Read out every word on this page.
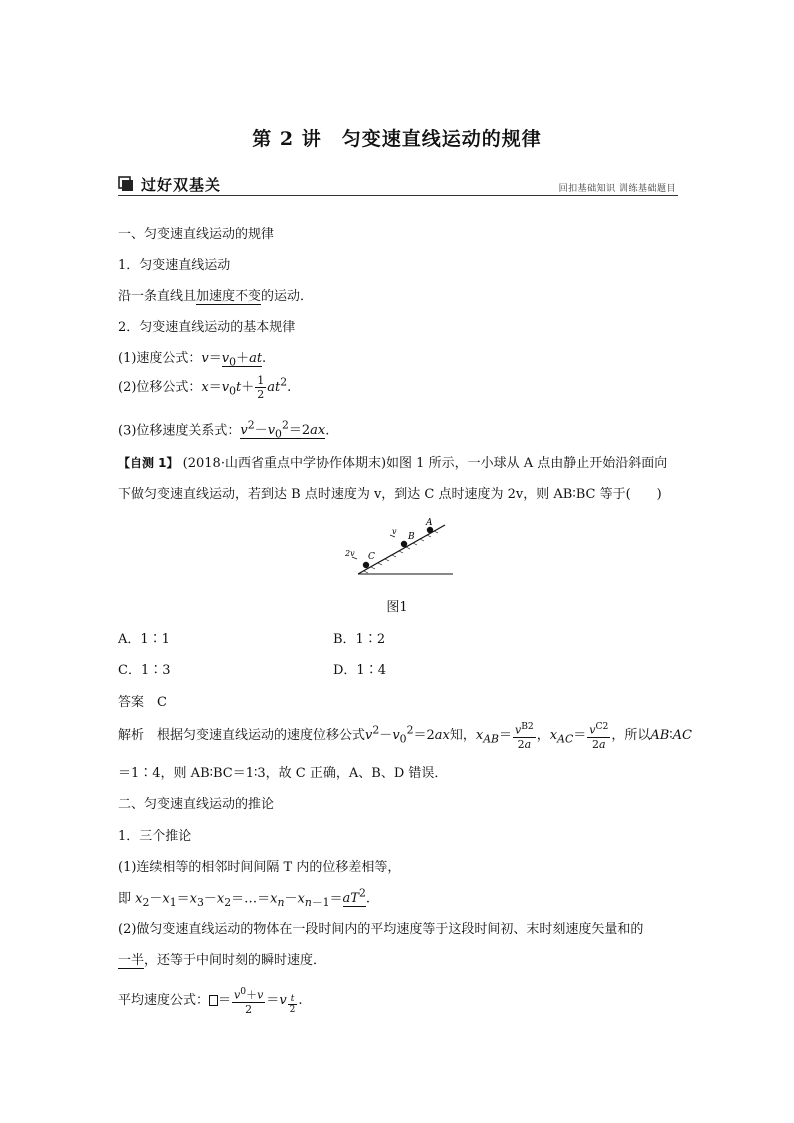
第 2 讲　匀变速直线运动的规律
过好双基关	回扣基础知识 训练基础题目
一、匀变速直线运动的规律
1．匀变速直线运动
沿一条直线且加速度不变的运动．
2．匀变速直线运动的基本规律
(1)速度公式：$v=v_0+at$.
(2)位移公式：$x=v_0t+ \frac{1}{2} at^2$.
(3)位移速度关系式：$v^2-v_0^2=2ax$.
【自测 1】 (2018·山西省重点中学协作体期末)如图 1 所示，一小球从 A 点由静止开始沿斜面向
下做匀变速直线运动，若到达 B 点时速度为 v，到达 C 点时速度为 2v，则 AB∶BC 等于(　　)
A
B
C
v
2v
图1
A．1∶1	B．1∶2
C．1∶3	D．1∶4
答案　 C
解析　 根据匀变速直线运动的速度位移公式$v^2-v_0^2=2ax$知，$x_{AB}= \frac{v^{B2}}{2a}$ ，$x_{AC}= \frac{v^{C2}}{2a}$ ，所以AB∶AC
＝1∶4，则 AB∶BC＝1∶3，故 C 正确，A、B、D 错误．
二、匀变速直线运动的推论
1．三个推论
(1)连续相等的相邻时间间隔 T 内的位移差相等，
即 $x_2-x_1=x_3-x_2=\dots=x_n-x_{n-1}=aT^2$.
(2)做匀变速直线运动的物体在一段时间内的平均速度等于这段时间初、末时刻速度矢量和的
一半，还等于中间时刻的瞬时速度．
平均速度公式： ＝ $\frac{v^0+v}{2} =v$ $_{\frac{t}{2}}$ .
